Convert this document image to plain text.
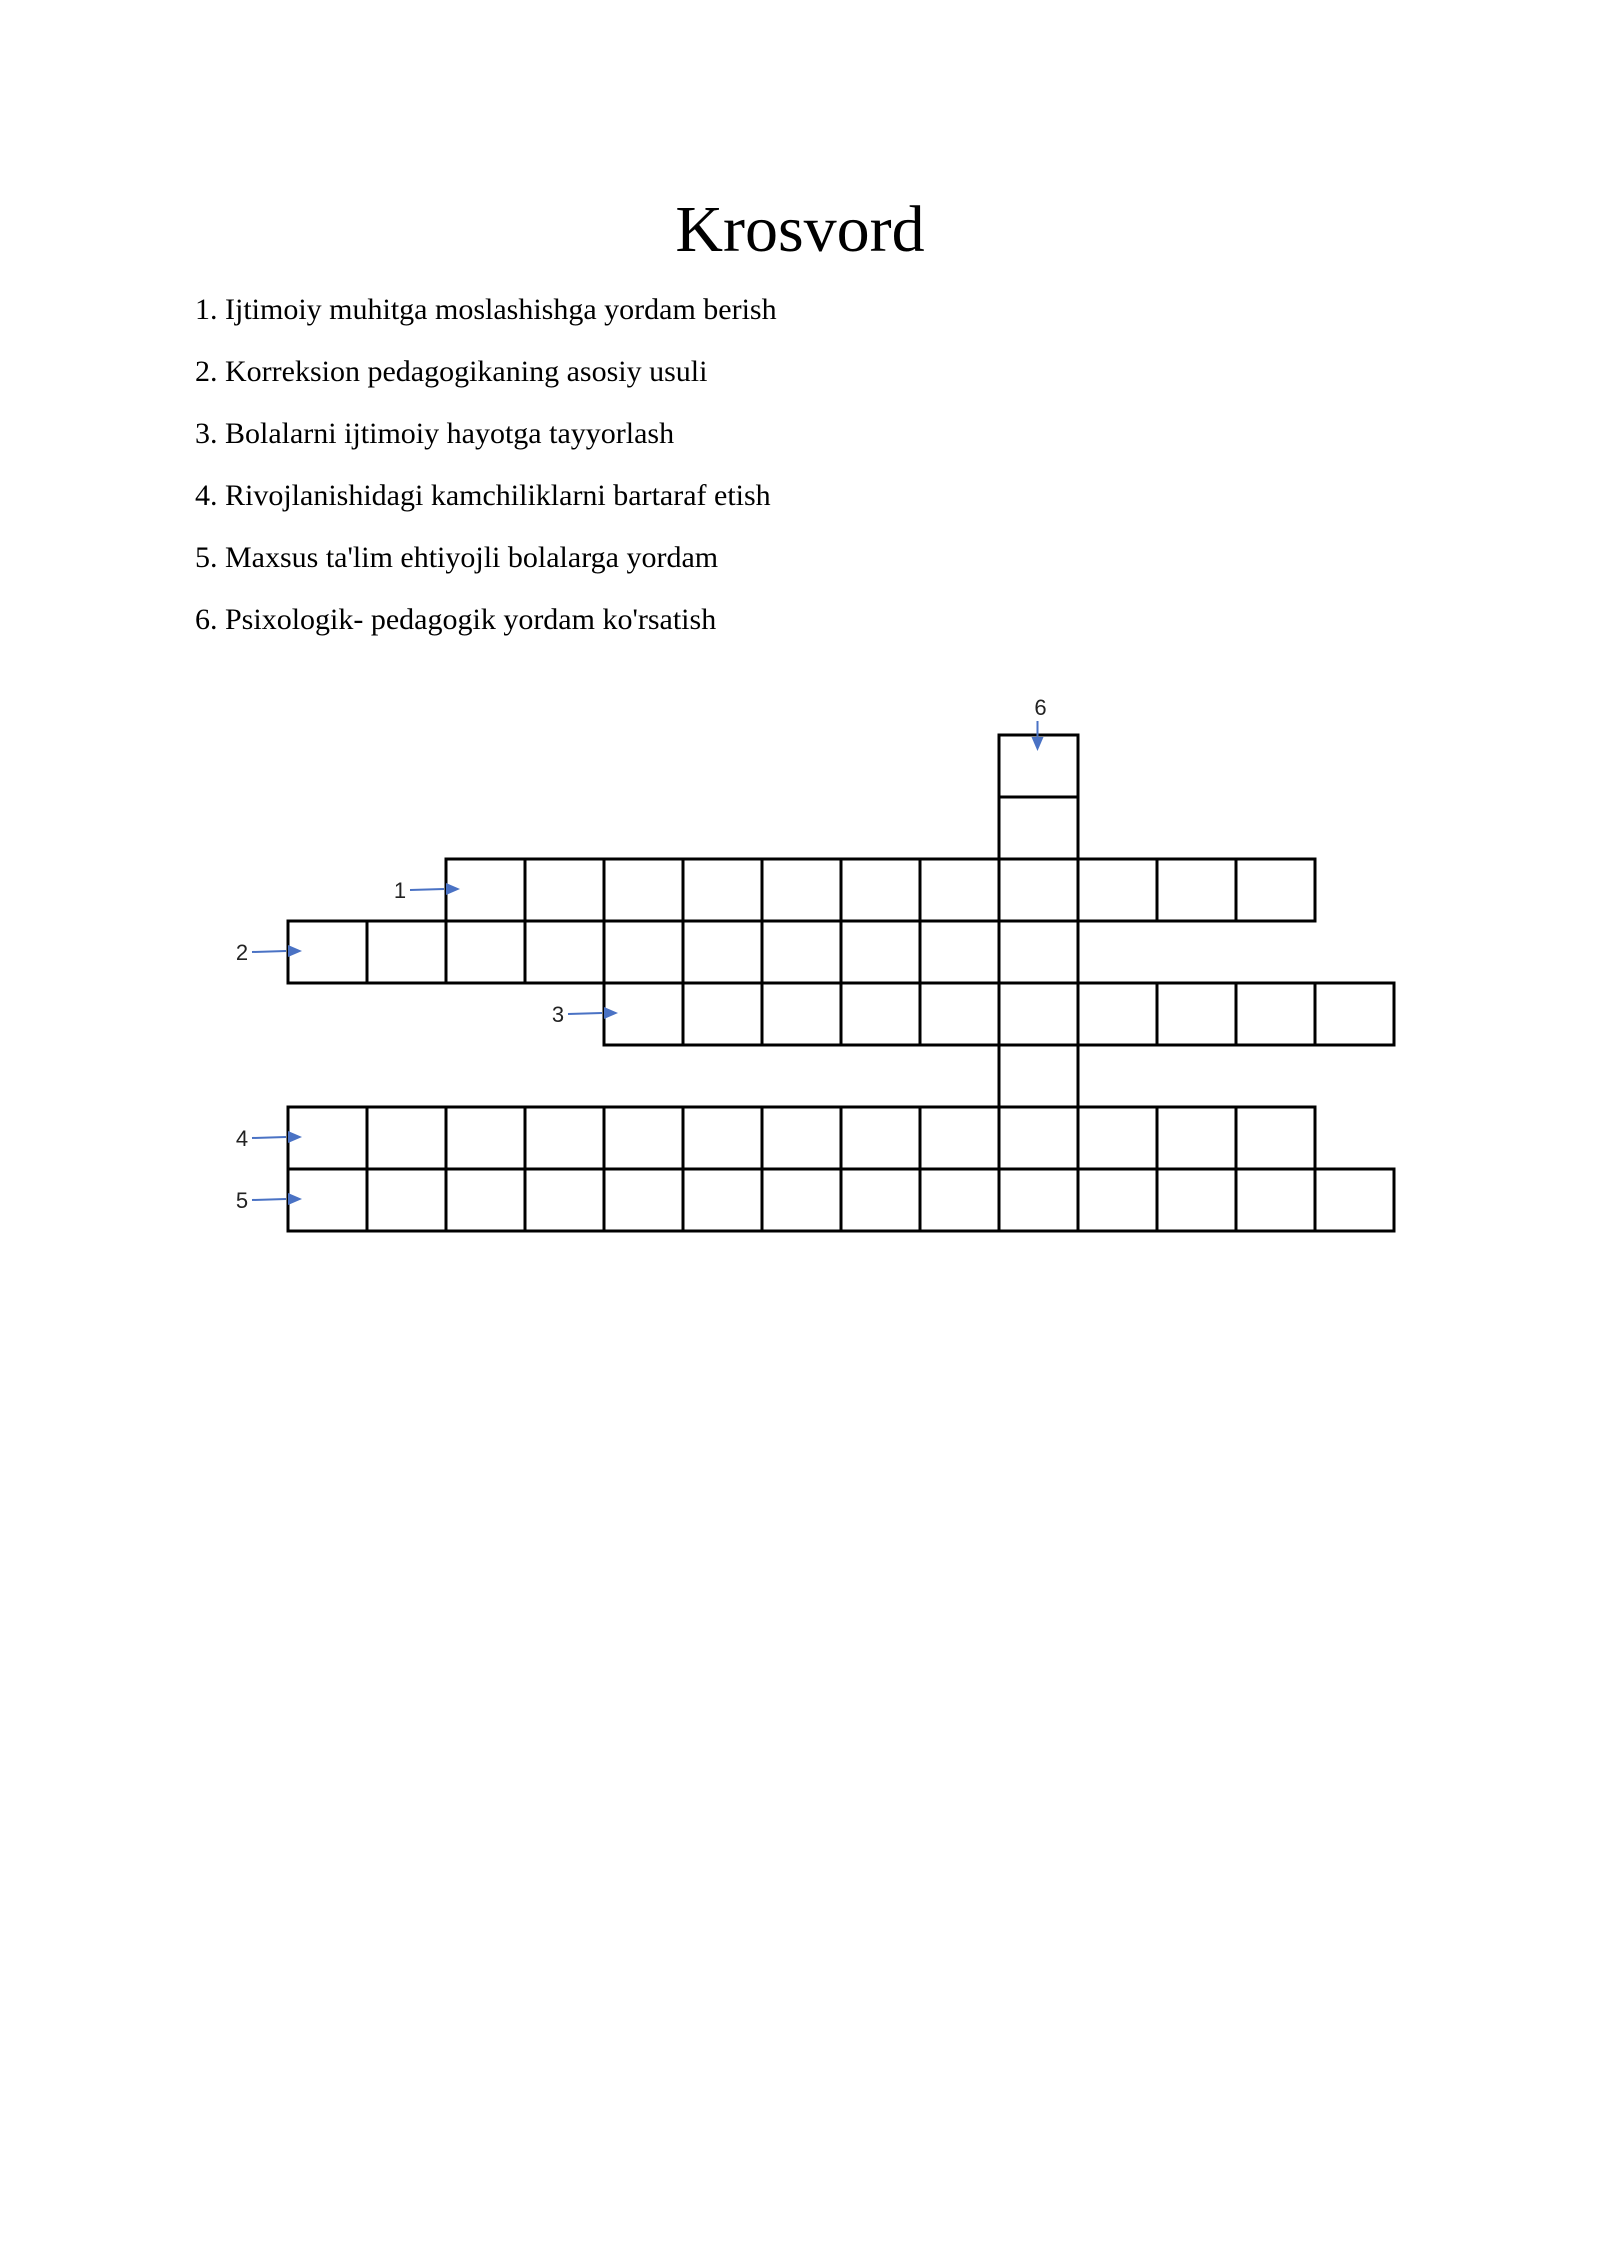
Krosvord
1. Ijtimoiy muhitga moslashishga yordam berish
2. Korreksion pedagogikaning asosiy usuli
3. Bolalarni ijtimoiy hayotga tayyorlash
4. Rivojlanishidagi kamchiliklarni bartaraf etish
5. Maxsus ta'lim ehtiyojli bolalarga yordam
6. Psixologik- pedagogik yordam ko'rsatish
1
2
3
4
5
6
